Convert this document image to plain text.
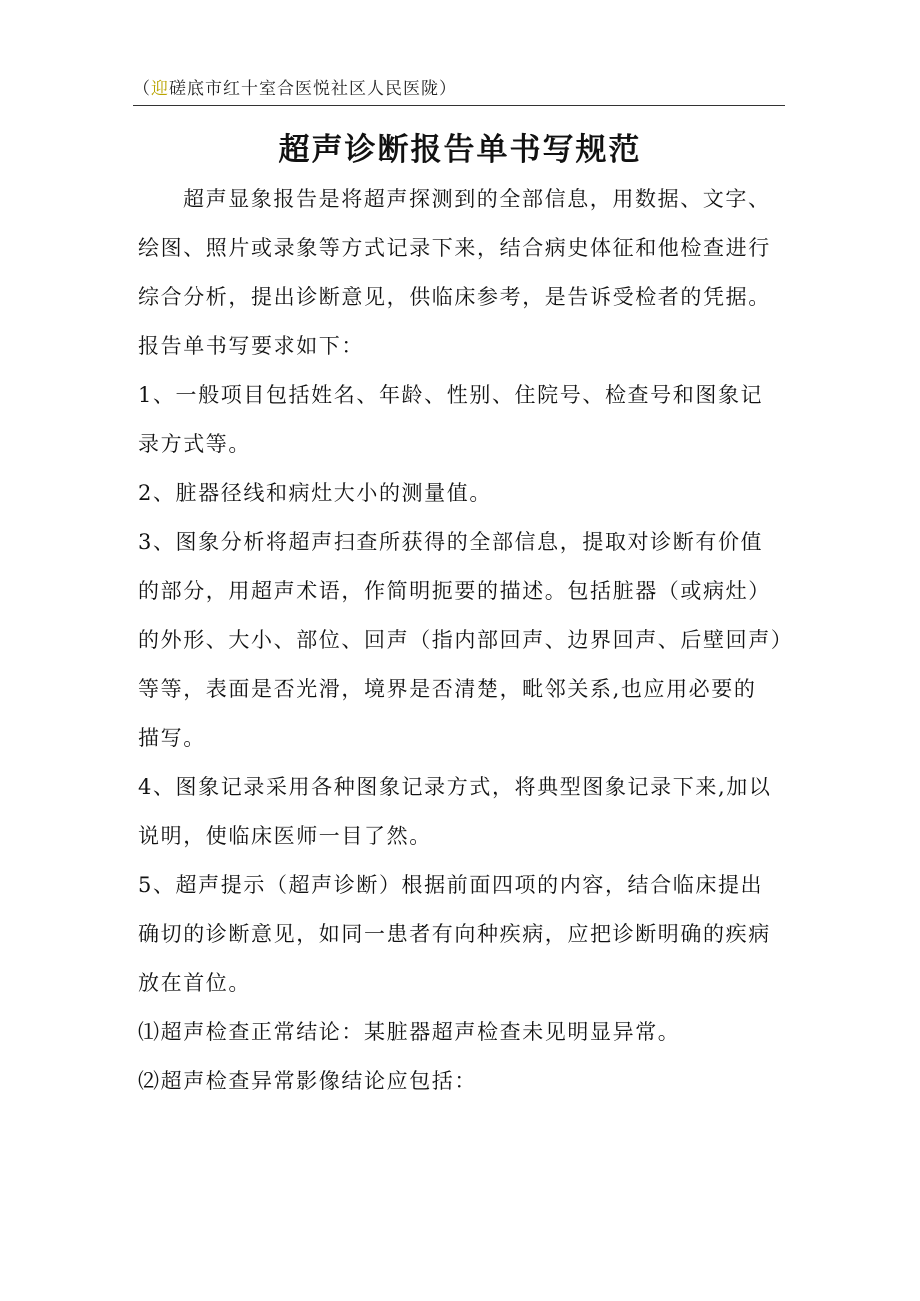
（迎磋底市红十室合医悦社区人民医陇）
超声诊断报告单书写规范
超声显象报告是将超声探测到的全部信息，用数据、文字、
绘图、照片或录象等方式记录下来，结合病史体征和他检查进行
综合分析，提出诊断意见，供临床参考，是告诉受检者的凭据。
报告单书写要求如下：
1、一般项目包括姓名、年龄、性别、住院号、检查号和图象记
录方式等。
2、脏器径线和病灶大小的测量值。
3、图象分析将超声扫查所获得的全部信息，提取对诊断有价值
的部分，用超声术语，作简明扼要的描述。包括脏器（或病灶）
的外形、大小、部位、回声（指内部回声、边界回声、后壁回声）
等等，表面是否光滑，境界是否清楚，毗邻关系,也应用必要的
描写。
4、图象记录采用各种图象记录方式，将典型图象记录下来,加以
说明，使临床医师一目了然。
5、超声提示（超声诊断）根据前面四项的内容，结合临床提出
确切的诊断意见，如同一患者有向种疾病，应把诊断明确的疾病
放在首位。
⑴超声检查正常结论：某脏器超声检查未见明显异常。
⑵超声检查异常影像结论应包括：
